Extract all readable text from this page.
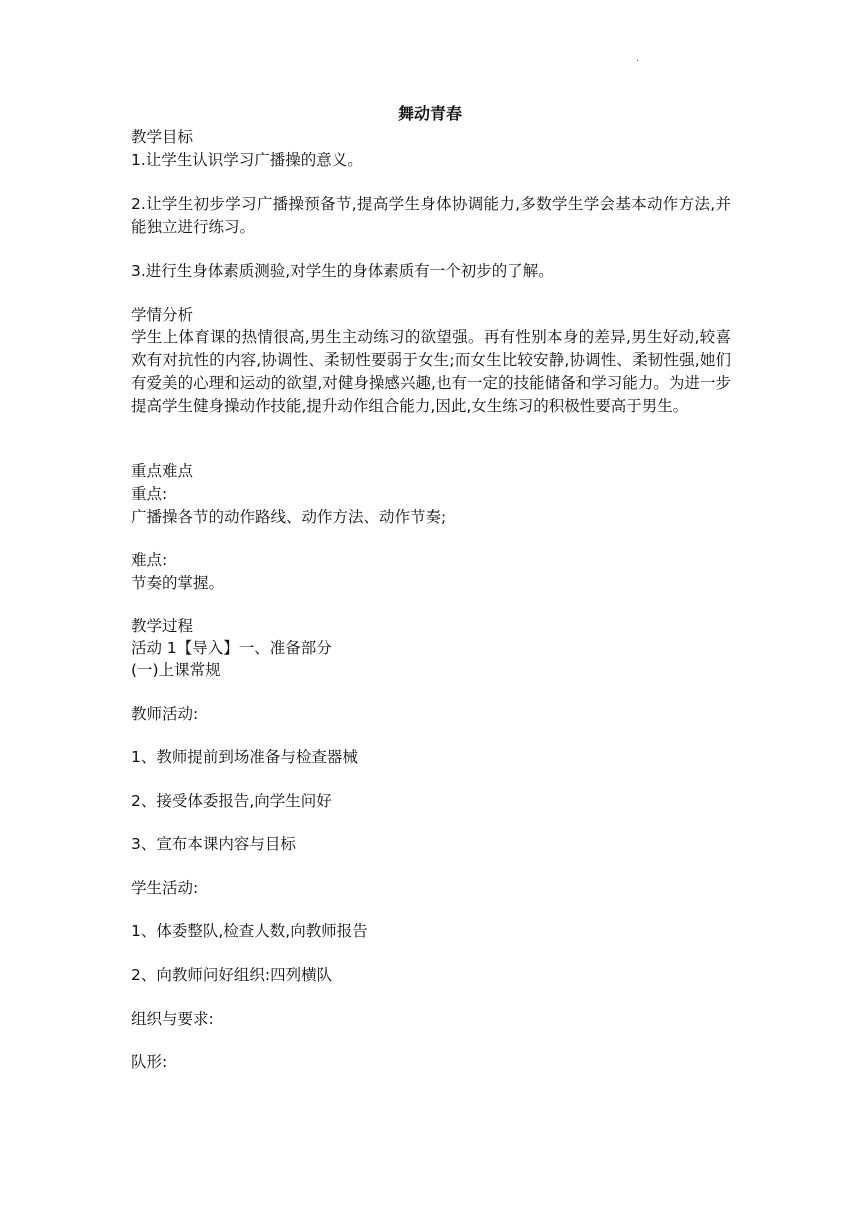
·
舞动青春
教学目标
1.让学生认识学习广播操的意义。
2.让学生初步学习广播操预备节,提高学生身体协调能力,多数学生学会基本动作方法,并能独立进行练习。
3.进行生身体素质测验,对学生的身体素质有一个初步的了解。
学情分析
学生上体育课的热情很高,男生主动练习的欲望强。再有性别本身的差异,男生好动,较喜欢有对抗性的内容,协调性、柔韧性要弱于女生;而女生比较安静,协调性、柔韧性强,她们有爱美的心理和运动的欲望,对健身操感兴趣,也有一定的技能储备和学习能力。为进一步提高学生健身操动作技能,提升动作组合能力,因此,女生练习的积极性要高于男生。
重点难点
重点:
广播操各节的动作路线、动作方法、动作节奏;
难点:
节奏的掌握。
教学过程
活动 1【导入】一、准备部分
(一)上课常规
教师活动:
1、教师提前到场准备与检查器械
2、接受体委报告,向学生问好
3、宣布本课内容与目标
学生活动:
1、体委整队,检查人数,向教师报告
2、向教师问好组织:四列横队
组织与要求:
队形:
